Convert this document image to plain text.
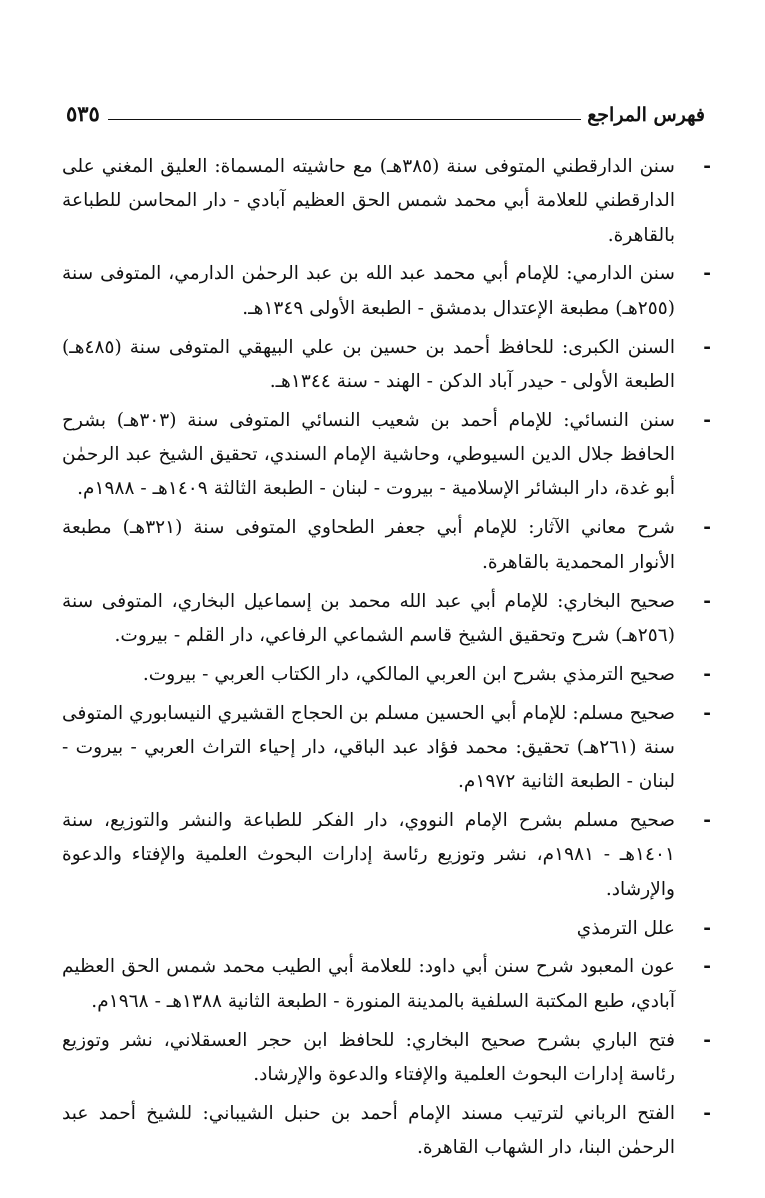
فهرس المراجع
٥٣٥
-
سنن الدارقطني المتوفى سنة (٣٨٥هـ) مع حاشيته المسماة: العليق المغني على الدارقطني للعلامة أبي محمد شمس الحق العظيم آبادي - دار المحاسن للطباعة بالقاهرة.
-
سنن الدارمي: للإمام أبي محمد عبد الله بن عبد الرحمٰن الدارمي، المتوفى سنة (٢٥٥هـ) مطبعة الإعتدال بدمشق - الطبعة الأولى ١٣٤٩هـ.
-
السنن الكبرى: للحافظ أحمد بن حسين بن علي البيهقي المتوفى سنة (٤٨٥هـ) الطبعة الأولى - حيدر آباد الدكن - الهند - سنة ١٣٤٤هـ.
-
سنن النسائي: للإمام أحمد بن شعيب النسائي المتوفى سنة (٣٠٣هـ) بشرح الحافظ جلال الدين السيوطي، وحاشية الإمام السندي، تحقيق الشيخ عبد الرحمٰن أبو غدة، دار البشائر الإسلامية - بيروت - لبنان - الطبعة الثالثة ١٤٠٩هـ - ١٩٨٨م.
-
شرح معاني الآثار: للإمام أبي جعفر الطحاوي المتوفى سنة (٣٢١هـ) مطبعة الأنوار المحمدية بالقاهرة.
-
صحيح البخاري: للإمام أبي عبد الله محمد بن إسماعيل البخاري، المتوفى سنة (٢٥٦هـ) شرح وتحقيق الشيخ قاسم الشماعي الرفاعي، دار القلم - بيروت.
-
صحيح الترمذي بشرح ابن العربي المالكي، دار الكتاب العربي - بيروت.
-
صحيح مسلم: للإمام أبي الحسين مسلم بن الحجاج القشيري النيسابوري المتوفى سنة (٢٦١هـ) تحقيق: محمد فؤاد عبد الباقي، دار إحياء التراث العربي - بيروت - لبنان - الطبعة الثانية ١٩٧٢م.
-
صحيح مسلم بشرح الإمام النووي، دار الفكر للطباعة والنشر والتوزيع، سنة ١٤٠١هـ - ١٩٨١م، نشر وتوزيع رئاسة إدارات البحوث العلمية والإفتاء والدعوة والإرشاد.
-
علل الترمذي
-
عون المعبود شرح سنن أبي داود: للعلامة أبي الطيب محمد شمس الحق العظيم آبادي، طبع المكتبة السلفية بالمدينة المنورة - الطبعة الثانية ١٣٨٨هـ - ١٩٦٨م.
-
فتح الباري بشرح صحيح البخاري: للحافظ ابن حجر العسقلاني، نشر وتوزيع رئاسة إدارات البحوث العلمية والإفتاء والدعوة والإرشاد.
-
الفتح الرباني لترتيب مسند الإمام أحمد بن حنبل الشيباني: للشيخ أحمد عبد الرحمٰن البنا، دار الشهاب القاهرة.
